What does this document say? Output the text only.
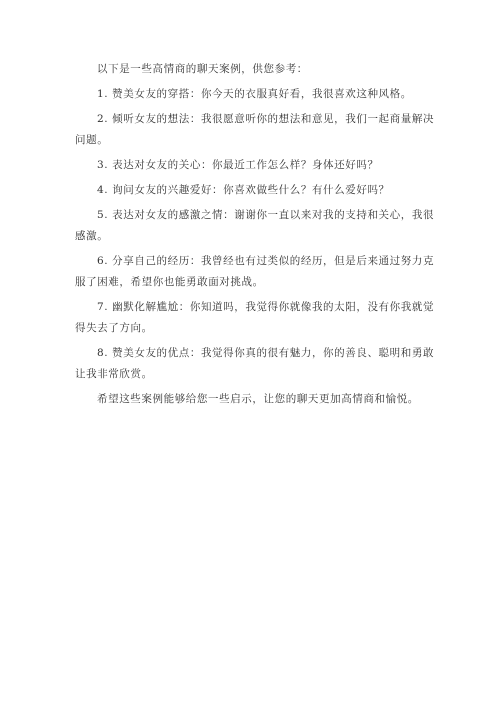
以下是一些高情商的聊天案例，供您参考：

1. 赞美女友的穿搭：你今天的衣服真好看，我很喜欢这种风格。

2. 倾听女友的想法：我很愿意听你的想法和意见，我们一起商量解决问题。

3. 表达对女友的关心：你最近工作怎么样？身体还好吗？

4. 询问女友的兴趣爱好：你喜欢做些什么？有什么爱好吗？

5. 表达对女友的感激之情：谢谢你一直以来对我的支持和关心，我很感激。

6. 分享自己的经历：我曾经也有过类似的经历，但是后来通过努力克服了困难，希望你也能勇敢面对挑战。

7. 幽默化解尴尬：你知道吗，我觉得你就像我的太阳，没有你我就觉得失去了方向。

8. 赞美女友的优点：我觉得你真的很有魅力，你的善良、聪明和勇敢让我非常欣赏。

希望这些案例能够给您一些启示，让您的聊天更加高情商和愉悦。
